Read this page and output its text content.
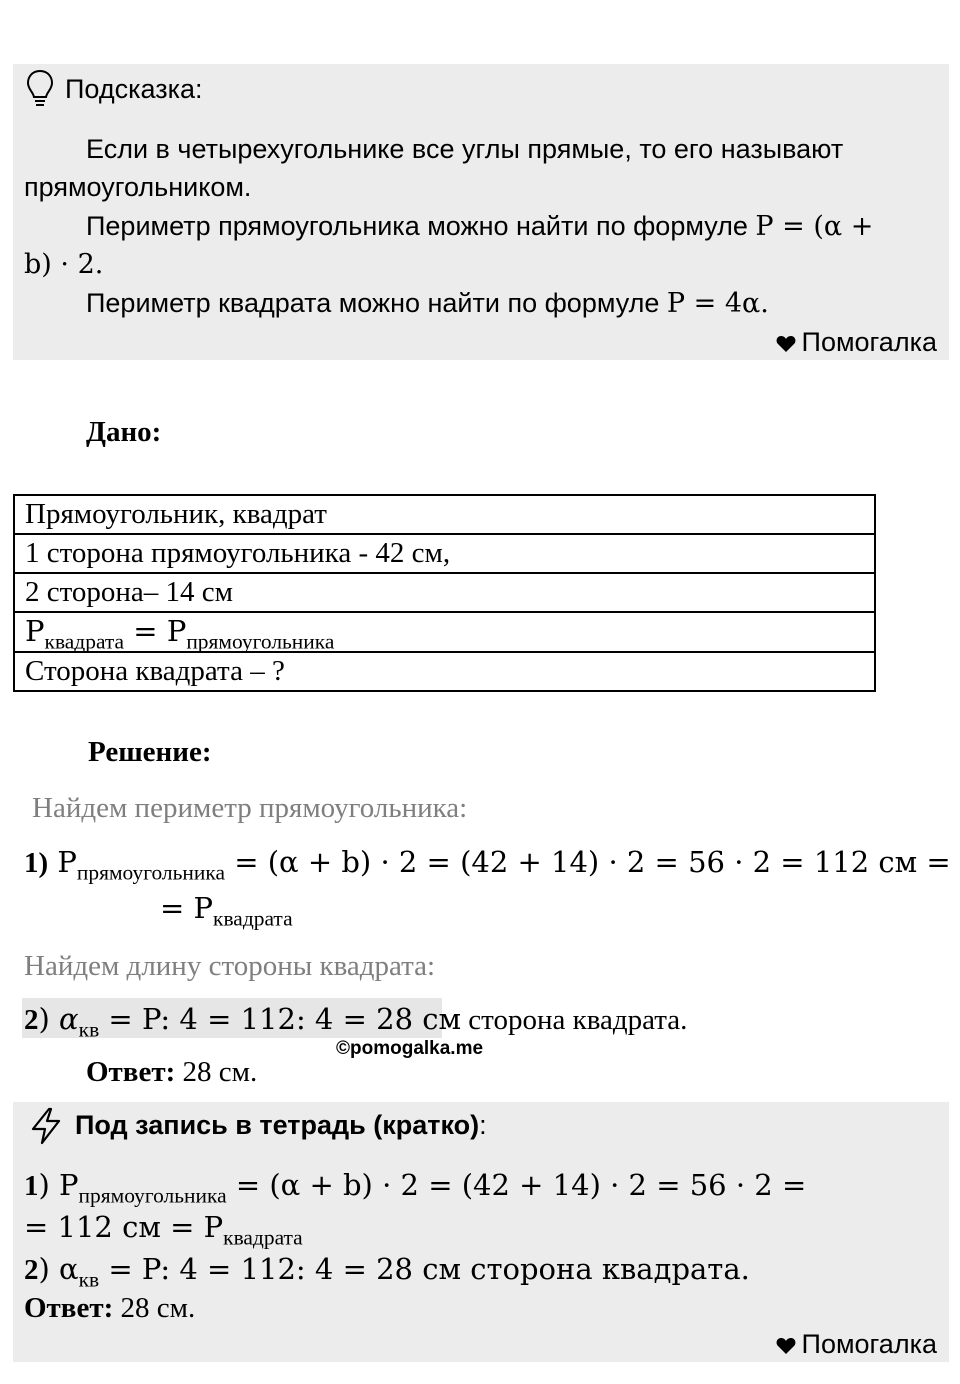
Подсказка:
Если в четырехугольнике все углы прямые, то его называют
прямоугольником.
Периметр прямоугольника можно найти по формуле P = (α +
b) · 2.
Периметр квадрата можно найти по формуле P = 4α.
Помогалка
Дано:
Прямоугольник, квадрат
1 сторона прямоугольника - 42 см,
2 сторона– 14 см
$P_{квадрата} = P_{прямоугольника}$
Сторона квадрата – ?
Решение:
Найдем периметр прямоугольника:
1) $P_{прямоугольника} = (\alpha + b) \cdot 2 = (42 + 14) \cdot 2 = 56 \cdot 2 = 112$ см =
= $P_{квадрата}$
Найдем длину стороны квадрата:
2) $\alpha_{кв} = P$: 4 = 112: 4 = 28 см сторона квадрата.
©pomogalka.me
Ответ: 28 см.
Под запись в тетрадь (кратко):
1) $P_{прямоугольника} = (\alpha + b) \cdot 2 = (42 + 14) \cdot 2 = 56 \cdot 2$ =
= 112 см = $P_{квадрата}$
2) $\alpha_{кв} = P$: 4 = 112: 4 = 28 см сторона квадрата.
Ответ: 28 см.
Помогалка
